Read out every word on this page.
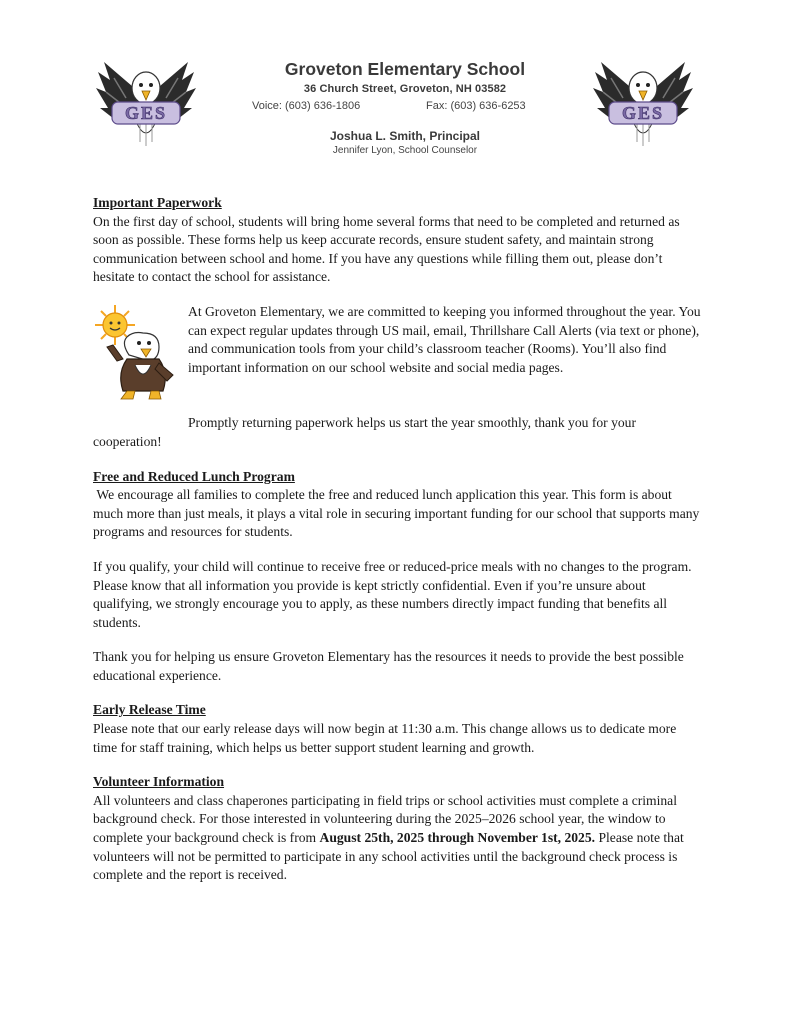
GES
Groveton Elementary School
36 Church Street, Groveton, NH 03582
Voice: (603) 636-1806	Fax: (603) 636-6253
Joshua L. Smith, Principal
Jennifer Lyon, School Counselor
GES

Important Paperwork

On the first day of school, students will bring home several forms that need to be completed and returned as soon as possible. These forms help us keep accurate records, ensure student safety, and maintain strong communication between school and home. If you have any questions while filling them out, please don’t hesitate to contact the school for assistance.

At Groveton Elementary, we are committed to keeping you informed throughout the year. You can expect regular updates through US mail, email, Thrillshare Call Alerts (via text or phone), and communication tools from your child’s classroom teacher (Rooms). You’ll also find important information on our school website and social media pages.

Promptly returning paperwork helps us start the year smoothly, thank you for your cooperation!

Free and Reduced Lunch Program

We encourage all families to complete the free and reduced lunch application this year. This form is about much more than just meals, it plays a vital role in securing important funding for our school that supports many programs and resources for students.

If you qualify, your child will continue to receive free or reduced-price meals with no changes to the program. Please know that all information you provide is kept strictly confidential. Even if you’re unsure about qualifying, we strongly encourage you to apply, as these numbers directly impact funding that benefits all students.

Thank you for helping us ensure Groveton Elementary has the resources it needs to provide the best possible educational experience.

Early Release Time

Please note that our early release days will now begin at 11:30 a.m. This change allows us to dedicate more time for staff training, which helps us better support student learning and growth.

Volunteer Information

All volunteers and class chaperones participating in field trips or school activities must complete a criminal background check. For those interested in volunteering during the 2025–2026 school year, the window to complete your background check is from August 25th, 2025 through November 1st, 2025. Please note that volunteers will not be permitted to participate in any school activities until the background check process is complete and the report is received.
